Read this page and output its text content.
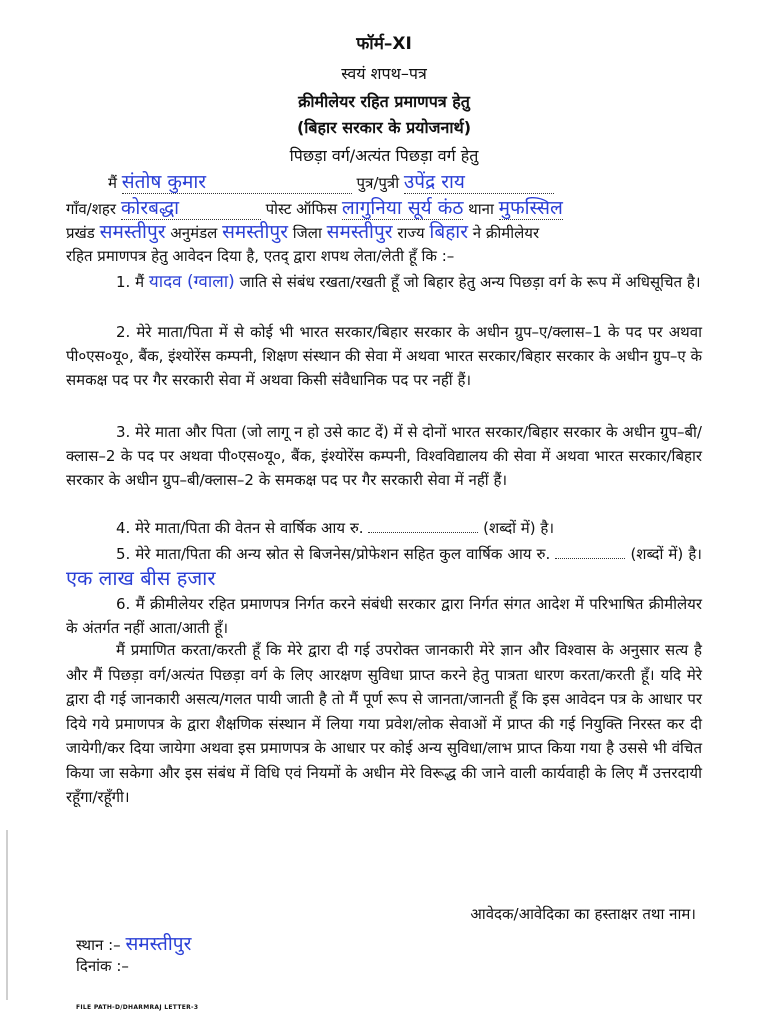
फॉर्म–XI
स्वयं शपथ–पत्र
क्रीमीलेयर रहित प्रमाणपत्र हेतु
(बिहार सरकार के प्रयोजनार्थ)
पिछड़ा वर्ग/अत्यंत पिछड़ा वर्ग हेतु
मैं संतोष कुमार	पुत्र/पुत्री उपेंद्र राय
गाँव/शहर कोरबद्धा	पोस्ट ऑफिस लागुनिया सूर्य कंठ थाना मुफस्सिल
प्रखंड समस्तीपुर अनुमंडल समस्तीपुर जिला समस्तीपुर राज्य बिहार ने क्रीमीलेयर
रहित प्रमाणपत्र हेतु आवेदन दिया है, एतद् द्वारा शपथ लेता/लेती हूँ कि :–
1. मैं यादव (ग्वाला) जाति से संबंध रखता/रखती हूँ जो बिहार हेतु अन्य पिछड़ा वर्ग के रूप में अधिसूचित है।
2. मेरे माता/पिता में से कोई भी भारत सरकार/बिहार सरकार के अधीन ग्रुप–ए/क्लास–1 के पद पर अथवा पी०एस०यू०, बैंक, इंश्योरेंस कम्पनी, शिक्षण संस्थान की सेवा में अथवा भारत सरकार/बिहार सरकार के अधीन ग्रुप–ए के समकक्ष पद पर गैर सरकारी सेवा में अथवा किसी संवैधानिक पद पर नहीं हैं।
3. मेरे माता और पिता (जो लागू न हो उसे काट दें) में से दोनों भारत सरकार/बिहार सरकार के अधीन ग्रुप–बी/क्लास–2 के पद पर अथवा पी०एस०यू०, बैंक, इंश्योरेंस कम्पनी, विश्वविद्यालय की सेवा में अथवा भारत सरकार/बिहार सरकार के अधीन ग्रुप–बी/क्लास–2 के समकक्ष पद पर गैर सरकारी सेवा में नहीं हैं।
4. मेरे माता/पिता की वेतन से वार्षिक आय रु.	(शब्दों में) है।
5. मेरे माता/पिता की अन्य स्रोत से बिजनेस/प्रोफेशन सहित कुल वार्षिक आय रु.	(शब्दों में) है। एक लाख बीस हजार
6. मैं क्रीमीलेयर रहित प्रमाणपत्र निर्गत करने संबंधी सरकार द्वारा निर्गत संगत आदेश में परिभाषित क्रीमीलेयर के अंतर्गत नहीं आता/आती हूँ।
मैं प्रमाणित करता/करती हूँ कि मेरे द्वारा दी गई उपरोक्त जानकारी मेरे ज्ञान और विश्वास के अनुसार सत्य है और मैं पिछड़ा वर्ग/अत्यंत पिछड़ा वर्ग के लिए आरक्षण सुविधा प्राप्त करने हेतु पात्रता धारण करता/करती हूँ। यदि मेरे द्वारा दी गई जानकारी असत्य/गलत पायी जाती है तो मैं पूर्ण रूप से जानता/जानती हूँ कि इस आवेदन पत्र के आधार पर दिये गये प्रमाणपत्र के द्वारा शैक्षणिक संस्थान में लिया गया प्रवेश/लोक सेवाओं में प्राप्त की गई नियुक्ति निरस्त कर दी जायेगी/कर दिया जायेगा अथवा इस प्रमाणपत्र के आधार पर कोई अन्य सुविधा/लाभ प्राप्त किया गया है उससे भी वंचित किया जा सकेगा और इस संबंध में विधि एवं नियमों के अधीन मेरे विरूद्ध की जाने वाली कार्यवाही के लिए मैं उत्तरदायी रहूँगा/रहूँगी।
आवेदक/आवेदिका का हस्ताक्षर तथा नाम।
स्थान :– समस्तीपुर
दिनांक :–
FILE PATH-D/DHARMRAJ LETTER-3
